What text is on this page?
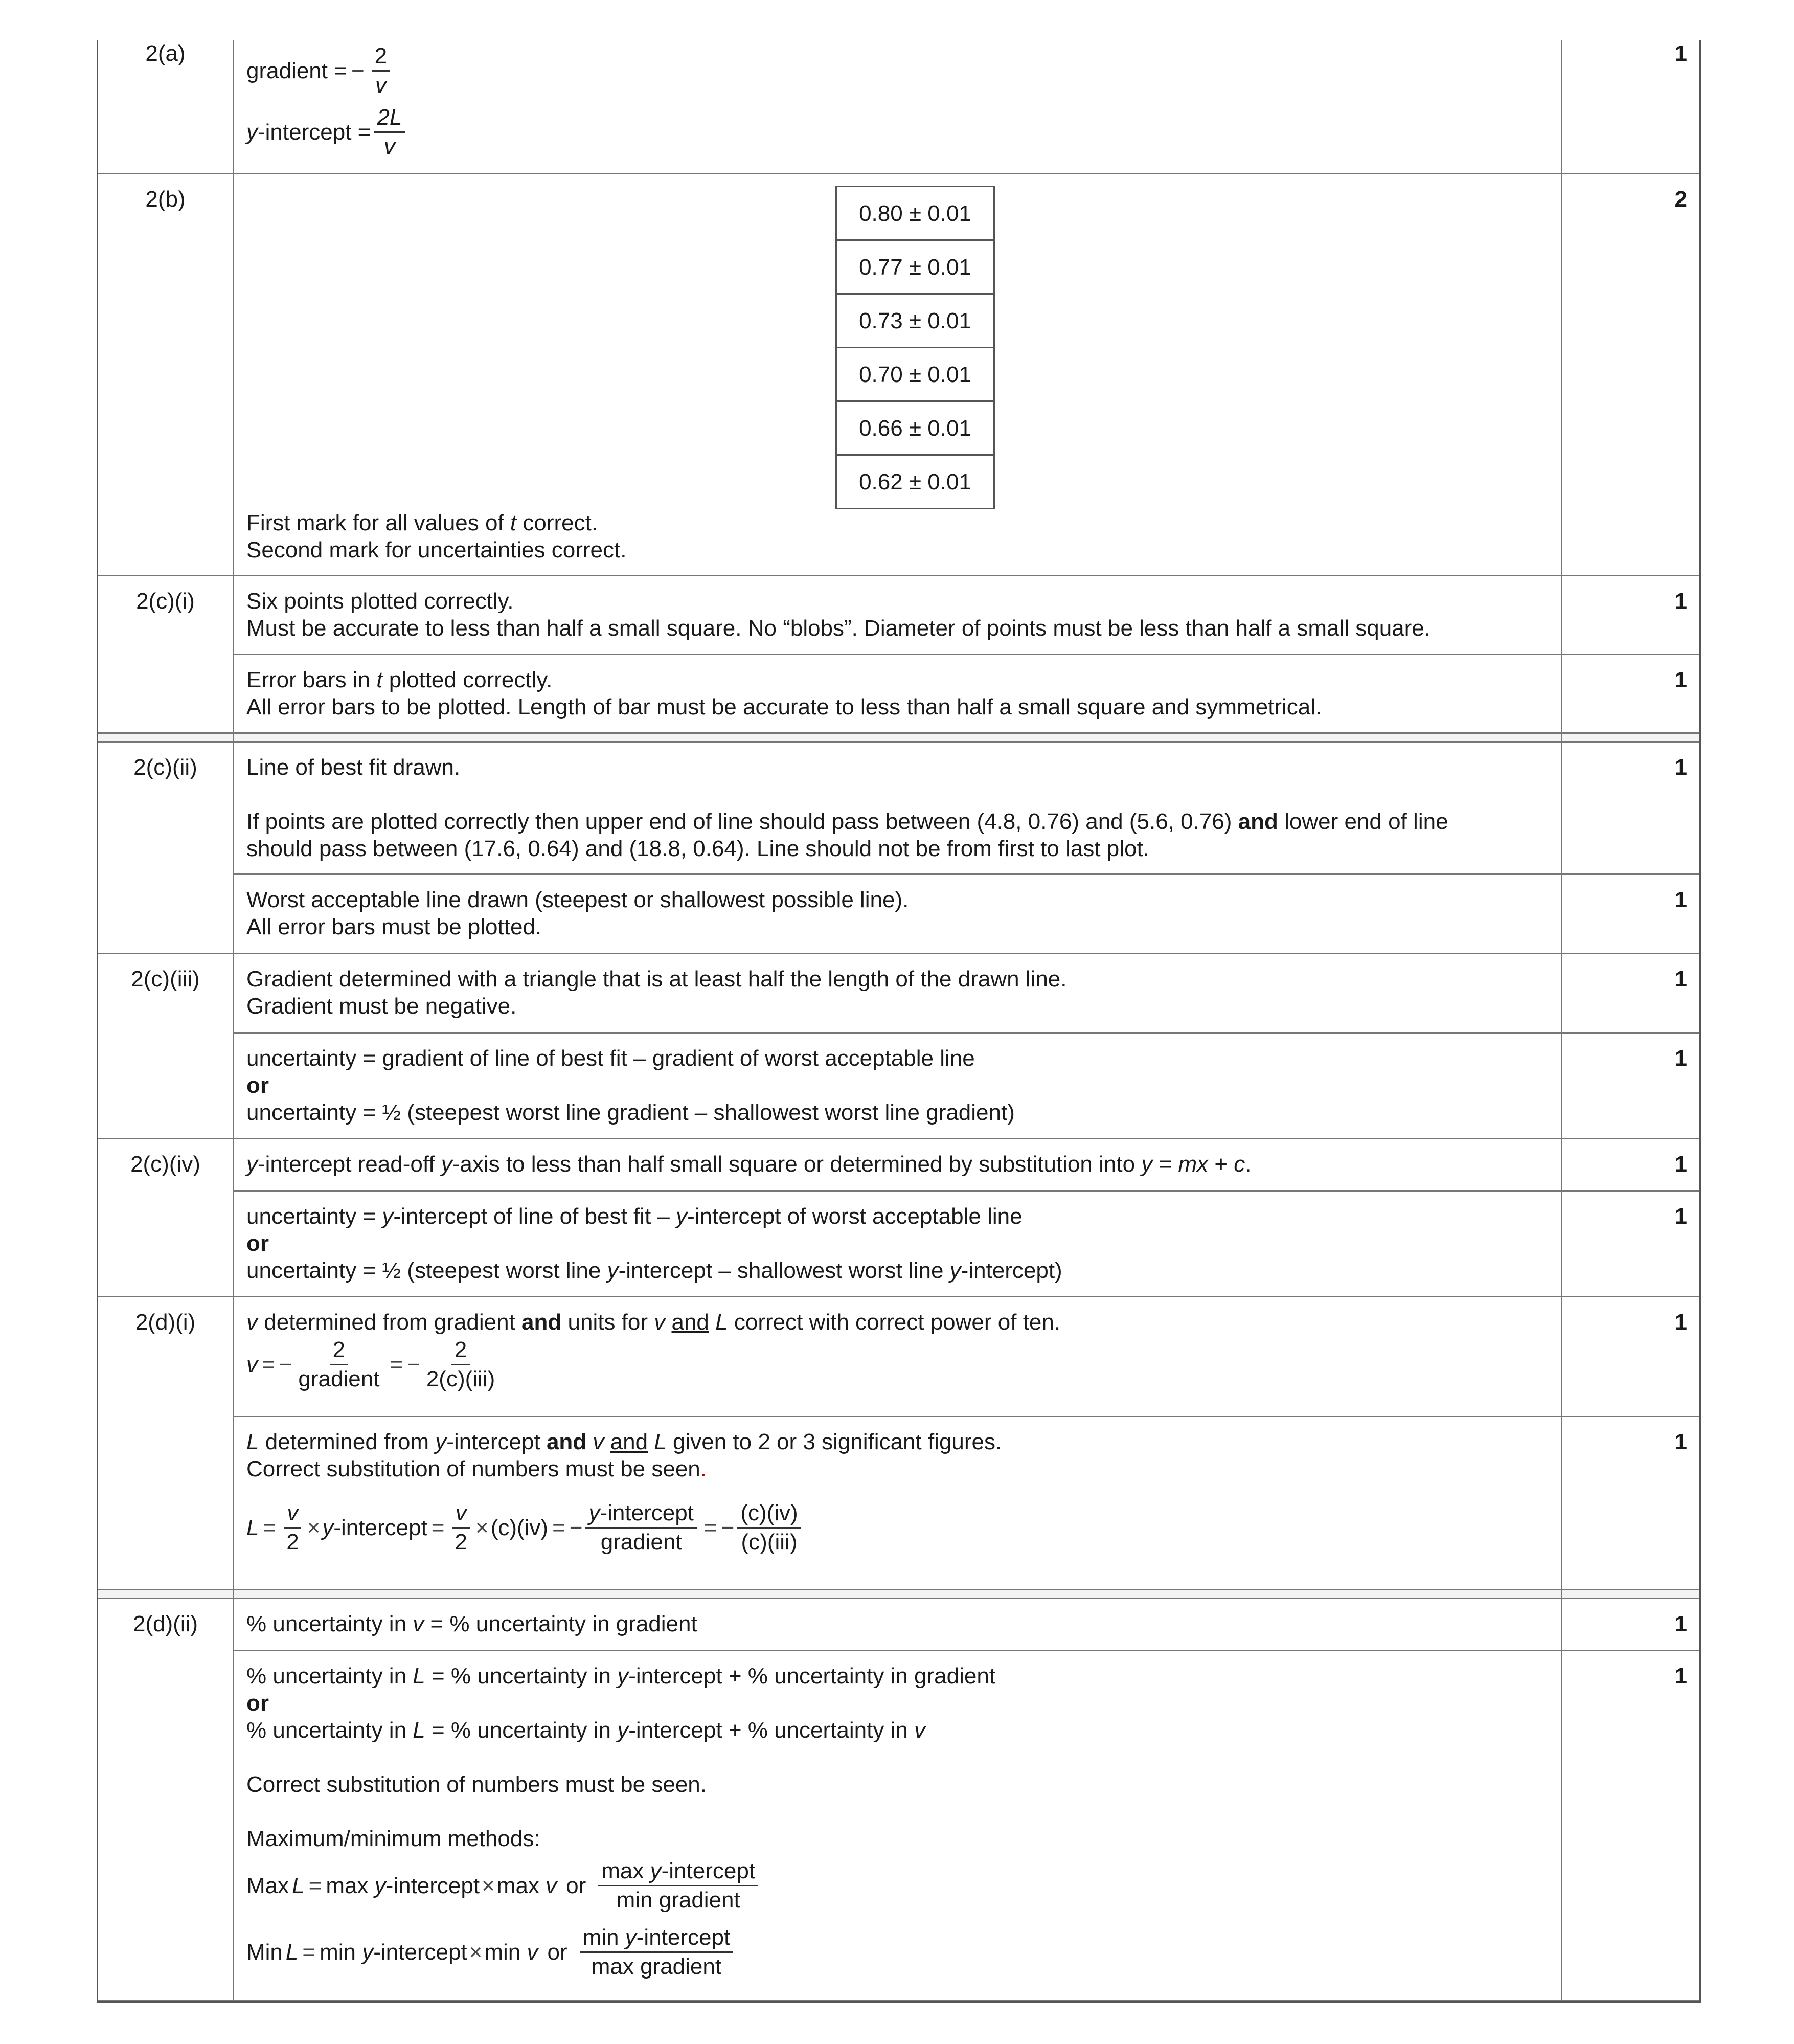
2(a)	
gradient = − $\frac{2}{v}$
y-intercept = $\frac{2L}{v}$
	1
2(b)	
0.80 ± 0.01
0.77 ± 0.01
0.73 ± 0.01
0.70 ± 0.01
0.66 ± 0.01
0.62 ± 0.01
First mark for all values of t correct.
Second mark for uncertainties correct.
	2
2(c)(i)	Six points plotted correctly.
Must be accurate to less than half a small square. No “blobs”. Diameter of points must be less than half a small square.
	1

Error bars in t plotted correctly.
All error bars to be plotted. Length of bar must be accurate to less than half a small square and symmetrical.
	1

2(c)(ii)	Line of best fit drawn.
If points are plotted correctly then upper end of line should pass between (4.8, 0.76) and (5.6, 0.76) and lower end of line
should pass between (17.6, 0.64) and (18.8, 0.64). Line should not be from first to last plot.
	1

Worst acceptable line drawn (steepest or shallowest possible line).
All error bars must be plotted.
	1
2(c)(iii)	Gradient determined with a triangle that is at least half the length of the drawn line.
Gradient must be negative.
	1

uncertainty = gradient of line of best fit – gradient of worst acceptable line
or
uncertainty = ½ (steepest worst line gradient – shallowest worst line gradient)
	1
2(c)(iv)	y-intercept read-off y-axis to less than half small square or determined by substitution into y = mx + c.	1

uncertainty = y-intercept of line of best fit – y-intercept of worst acceptable line
or
uncertainty = ½ (steepest worst line y-intercept – shallowest worst line y-intercept)
	1
2(d)(i)	v determined from gradient and units for v and L correct with correct power of ten.
v = − $\frac{2}{\text{gradient}}$ = − $\frac{2}{\text{2(c)(iii)}}$
	1

L determined from y-intercept and v and L given to 2 or 3 significant figures.
Correct substitution of numbers must be seen.
$L = \frac{v}{2}$ × y-intercept = $\frac{v}{2} \times (c)(iv)$ = − $\frac{\text{y-intercept}}{\text{gradient}}$ = − $\frac{(c)(iv)}{\text{(c)(iii)}}$
	1

2(d)(ii)	% uncertainty in v = % uncertainty in gradient	1

% uncertainty in L = % uncertainty in y-intercept + % uncertainty in gradient
or
% uncertainty in L = % uncertainty in y-intercept + % uncertainty in v
Correct substitution of numbers must be seen.
Maximum/minimum methods:
Max L = max
y -intercept × max
v or $\frac{\text{max y-intercept}}{\text{min gradient}}$
Min L = min
y -intercept × min
v or $\frac{\text{min y-intercept}}{\text{max gradient}}$
	1
